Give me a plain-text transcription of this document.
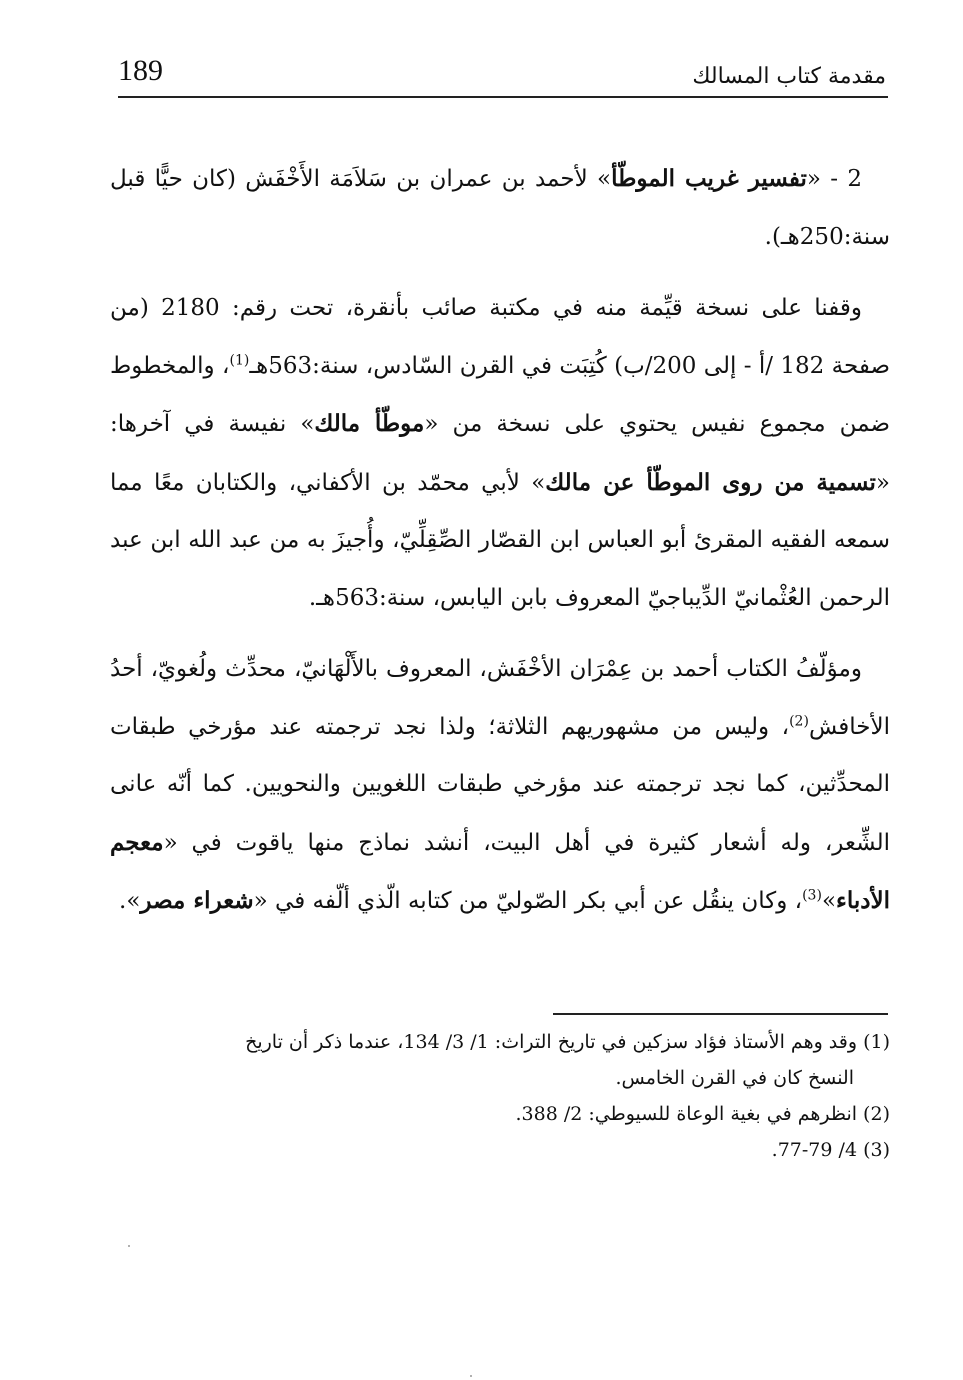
189	مقدمة كتاب المسالك

2 - «تفسير غريب الموطّأ» لأحمد بن عمران بن سَلاَمَة الأَخْفَش (كان حيًّا قبل سنة:250هـ).

وقفنا على نسخة قيِّمة منه في مكتبة صائب بأنقرة، تحت رقم: 2180 (من صفحة 182 /أ - إلى 200/ب) كُتِبَت في القرن السّادس، سنة:563هـ$^{(1)}$، والمخطوط ضمن مجموع نفيس يحتوي على نسخة من «موطّأ مالك» نفيسة في آخرها: «تسمية من روى الموطّأ عن مالك» لأبي محمّد بن الأكفاني، والكتابان معًا مما سمعه الفقيه المقرئ أبو العباس ابن القصّار الصِّقِلِّيّ، وأُجيزَ به من عبد الله ابن عبد الرحمن العُثْمانيّ الدِّيباجيّ المعروف بابن اليابس، سنة:563هـ.

ومؤلّفُ الكتاب أحمد بن عِمْرَان الأخْفَش، المعروف بالأَلْهَانيّ، محدِّث ولُغويّ، أحدُ الأخافش$^{(2)}$، وليس من مشهوريهم الثلاثة؛ ولذا نجد ترجمته عند مؤرخي طبقات المحدِّثين، كما نجد ترجمته عند مؤرخي طبقات اللغويين والنحويين. كما أنّه عانى الشِّعر، وله أشعار كثيرة في أهل البيت، أنشد نماذج منها ياقوت في «معجم الأدباء»$^{(3)}$، وكان ينقُل عن أبي بكر الصّوليّ من كتابه الّذي ألّفه في «شعراء مصر».

(1) وقد وهم الأستاذ فؤاد سزكين في تاريخ التراث: 1/ 3/ 134، عندما ذكر أن تاريخ

النسخ كان في القرن الخامس.

(2) انظرهم في بغية الوعاة للسيوطي: 2/ 388.

(3) 4/ 77-79.
